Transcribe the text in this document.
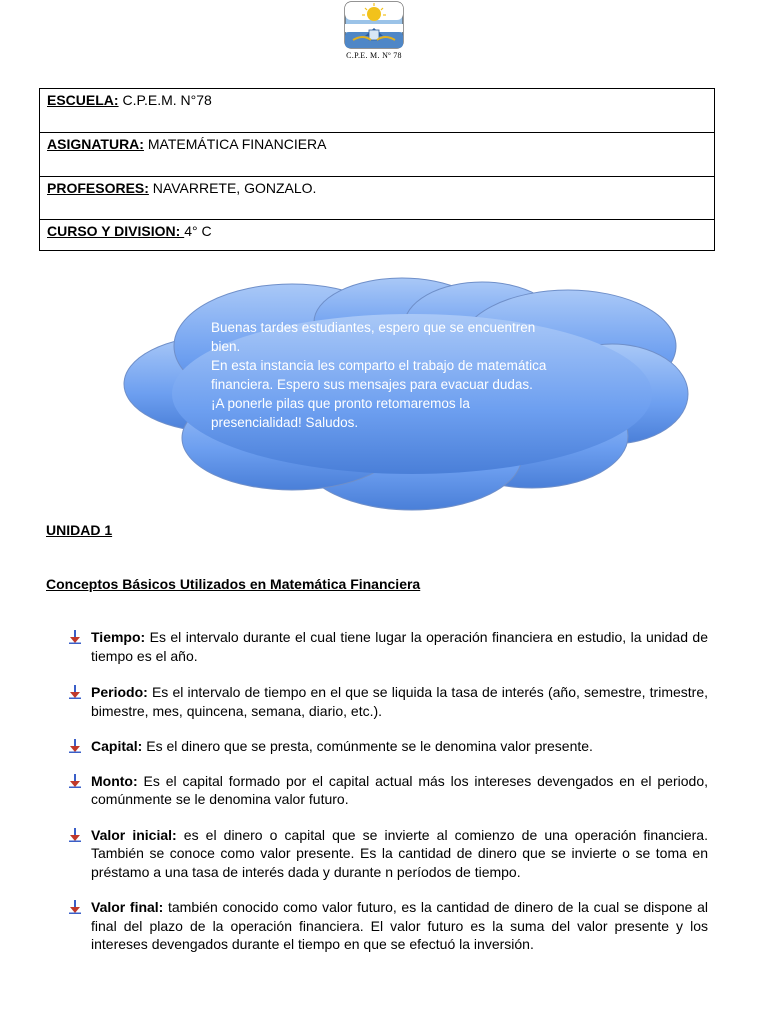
C.P.E. M. Nº 78
ESCUELA: C.P.E.M. N°78
ASIGNATURA: MATEMÁTICA FINANCIERA
PROFESORES: NAVARRETE, GONZALO.
CURSO Y DIVISION: 4° C

Buenas tardes estudiantes, espero que se encuentren bien.

En esta instancia les comparto el trabajo de matemática financiera. Espero sus mensajes para evacuar dudas.

¡A ponerle pilas que pronto retomaremos la presencialidad! Saludos.

UNIDAD 1
Conceptos Básicos Utilizados en Matemática Financiera
Tiempo: Es el intervalo durante el cual tiene lugar la operación financiera en estudio, la unidad de tiempo es el año.
Periodo: Es el intervalo de tiempo en el que se liquida la tasa de interés (año, semestre, trimestre, bimestre, mes, quincena, semana, diario, etc.).
Capital: Es el dinero que se presta, comúnmente se le denomina valor presente.
Monto: Es el capital formado por el capital actual más los intereses devengados en el periodo, comúnmente se le denomina valor futuro.
Valor inicial: es el dinero o capital que se invierte al comienzo de una operación financiera. También se conoce como valor presente. Es la cantidad de dinero que se invierte o se toma en préstamo a una tasa de interés dada y durante n períodos de tiempo.
Valor final: también conocido como valor futuro, es la cantidad de dinero de la cual se dispone al final del plazo de la operación financiera. El valor futuro es la suma del valor presente y los intereses devengados durante el tiempo en que se efectuó la inversión.
